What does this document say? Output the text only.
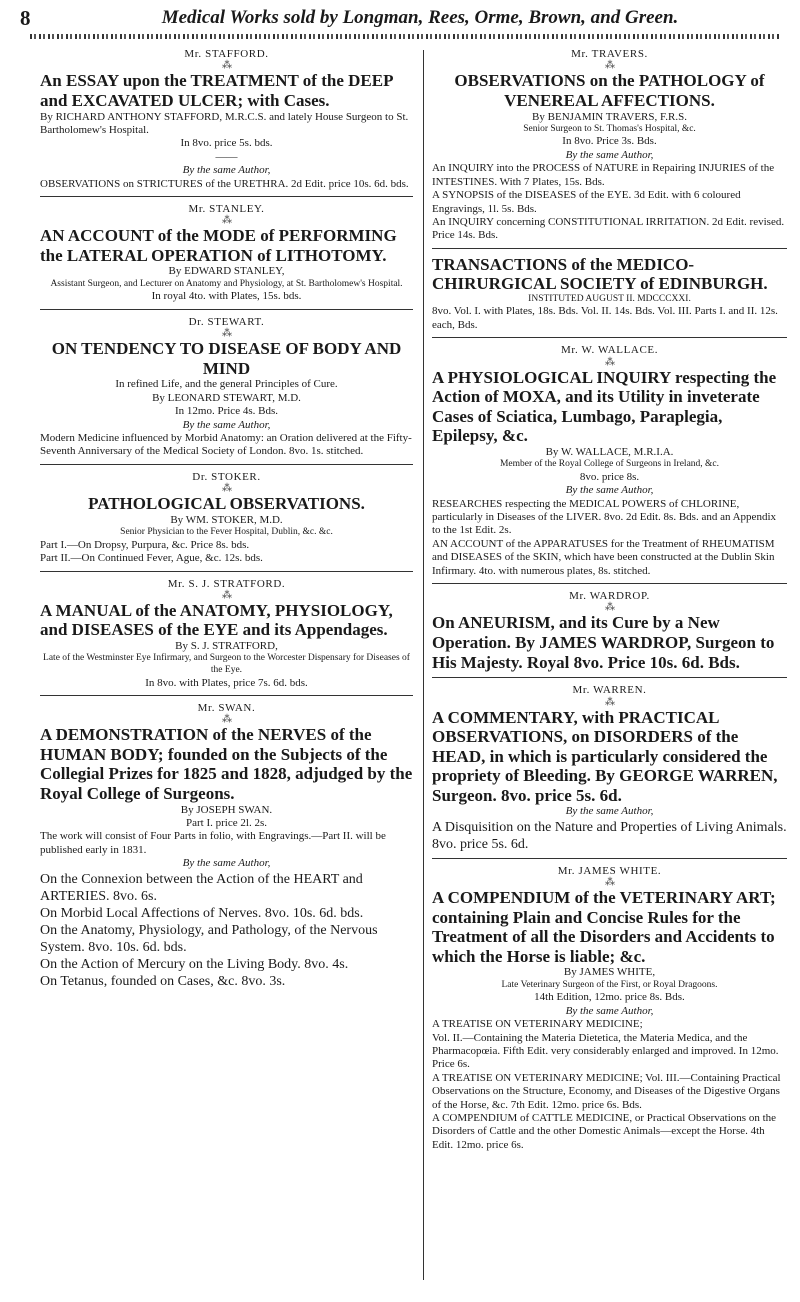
8	Medical Works sold by Longman, Rees, Orme, Brown, and Green.
Mr. STAFFORD.
⁂
An ESSAY upon the TREATMENT of the DEEP and EXCAVATED ULCER; with Cases.
By RICHARD ANTHONY STAFFORD, M.R.C.S. and lately House Surgeon to St. Bartholomew's Hospital.
In 8vo. price 5s. bds.
——
By the same Author,
OBSERVATIONS on STRICTURES of the URETHRA. 2d Edit. price 10s. 6d. bds.
Mr. STANLEY.
⁂
AN ACCOUNT of the MODE of PERFORMING the LATERAL OPERATION of LITHOTOMY.
By EDWARD STANLEY,
Assistant Surgeon, and Lecturer on Anatomy and Physiology, at St. Bartholomew's Hospital.
In royal 4to. with Plates, 15s. bds.
Dr. STEWART.
⁂
ON TENDENCY TO DISEASE OF BODY AND MIND
In refined Life, and the general Principles of Cure.
By LEONARD STEWART, M.D.
In 12mo. Price 4s. Bds.
By the same Author,
Modern Medicine influenced by Morbid Anatomy: an Oration delivered at the Fifty-Seventh Anniversary of the Medical Society of London. 8vo. 1s. stitched.
Dr. STOKER.
⁂
PATHOLOGICAL OBSERVATIONS.
By WM. STOKER, M.D.
Senior Physician to the Fever Hospital, Dublin, &c. &c.
Part I.—On Dropsy, Purpura, &c. Price 8s. bds.
Part II.—On Continued Fever, Ague, &c. 12s. bds.
Mr. S. J. STRATFORD.
⁂
A MANUAL of the ANATOMY, PHYSIOLOGY, and DISEASES of the EYE and its Appendages.
By S. J. STRATFORD,
Late of the Westminster Eye Infirmary, and Surgeon to the Worcester Dispensary for Diseases of the Eye.
In 8vo. with Plates, price 7s. 6d. bds.
Mr. SWAN.
⁂
A DEMONSTRATION of the NERVES of the HUMAN BODY; founded on the Subjects of the Collegial Prizes for 1825 and 1828, adjudged by the Royal College of Surgeons.
By JOSEPH SWAN.
Part I. price 2l. 2s.
The work will consist of Four Parts in folio, with Engravings.—Part II. will be published early in 1831.
By the same Author,
On the Connexion between the Action of the HEART and ARTERIES. 8vo. 6s.
On Morbid Local Affections of Nerves. 8vo. 10s. 6d. bds.
On the Anatomy, Physiology, and Pathology, of the Nervous System. 8vo. 10s. 6d. bds.
On the Action of Mercury on the Living Body. 8vo. 4s.
On Tetanus, founded on Cases, &c. 8vo. 3s.
Mr. TRAVERS.
⁂
OBSERVATIONS on the PATHOLOGY of VENEREAL AFFECTIONS.
By BENJAMIN TRAVERS, F.R.S.
Senior Surgeon to St. Thomas's Hospital, &c.
In 8vo. Price 3s. Bds.
By the same Author,
An INQUIRY into the PROCESS of NATURE in Repairing INJURIES of the INTESTINES. With 7 Plates, 15s. Bds.
A SYNOPSIS of the DISEASES of the EYE. 3d Edit. with 6 coloured Engravings, 1l. 5s. Bds.
An INQUIRY concerning CONSTITUTIONAL IRRITATION. 2d Edit. revised. Price 14s. Bds.
TRANSACTIONS of the MEDICO-CHIRURGICAL SOCIETY of EDINBURGH.
INSTITUTED AUGUST II. MDCCCXXI.
8vo. Vol. I. with Plates, 18s. Bds. Vol. II. 14s. Bds. Vol. III. Parts I. and II. 12s. each, Bds.
Mr. W. WALLACE.
⁂
A PHYSIOLOGICAL INQUIRY respecting the Action of MOXA, and its Utility in inveterate Cases of Sciatica, Lumbago, Paraplegia, Epilepsy, &c.
By W. WALLACE, M.R.I.A.
Member of the Royal College of Surgeons in Ireland, &c.
8vo. price 8s.
By the same Author,
RESEARCHES respecting the MEDICAL POWERS of CHLORINE, particularly in Diseases of the LIVER. 8vo. 2d Edit. 8s. Bds. and an Appendix to the 1st Edit. 2s.
AN ACCOUNT of the APPARATUSES for the Treatment of RHEUMATISM and DISEASES of the SKIN, which have been constructed at the Dublin Skin Infirmary. 4to. with numerous plates, 8s. stitched.
Mr. WARDROP.
⁂
On ANEURISM, and its Cure by a New Operation. By JAMES WARDROP, Surgeon to His Majesty. Royal 8vo. Price 10s. 6d. Bds.
Mr. WARREN.
⁂
A COMMENTARY, with PRACTICAL OBSERVATIONS, on DISORDERS of the HEAD, in which is particularly considered the propriety of Bleeding. By GEORGE WARREN, Surgeon. 8vo. price 5s. 6d.
By the same Author,
A Disquisition on the Nature and Properties of Living Animals. 8vo. price 5s. 6d.
Mr. JAMES WHITE.
⁂
A COMPENDIUM of the VETERINARY ART; containing Plain and Concise Rules for the Treatment of all the Disorders and Accidents to which the Horse is liable; &c.
By JAMES WHITE,
Late Veterinary Surgeon of the First, or Royal Dragoons.
14th Edition, 12mo. price 8s. Bds.
By the same Author,
A TREATISE ON VETERINARY MEDICINE;
Vol. II.—Containing the Materia Dietetica, the Materia Medica, and the Pharmacopœia. Fifth Edit. very considerably enlarged and improved. In 12mo. Price 6s.
A TREATISE ON VETERINARY MEDICINE; Vol. III.—Containing Practical Observations on the Structure, Economy, and Diseases of the Digestive Organs of the Horse, &c. 7th Edit. 12mo. price 6s. Bds.
A COMPENDIUM of CATTLE MEDICINE, or Practical Observations on the Disorders of Cattle and the other Domestic Animals—except the Horse. 4th Edit. 12mo. price 6s.
